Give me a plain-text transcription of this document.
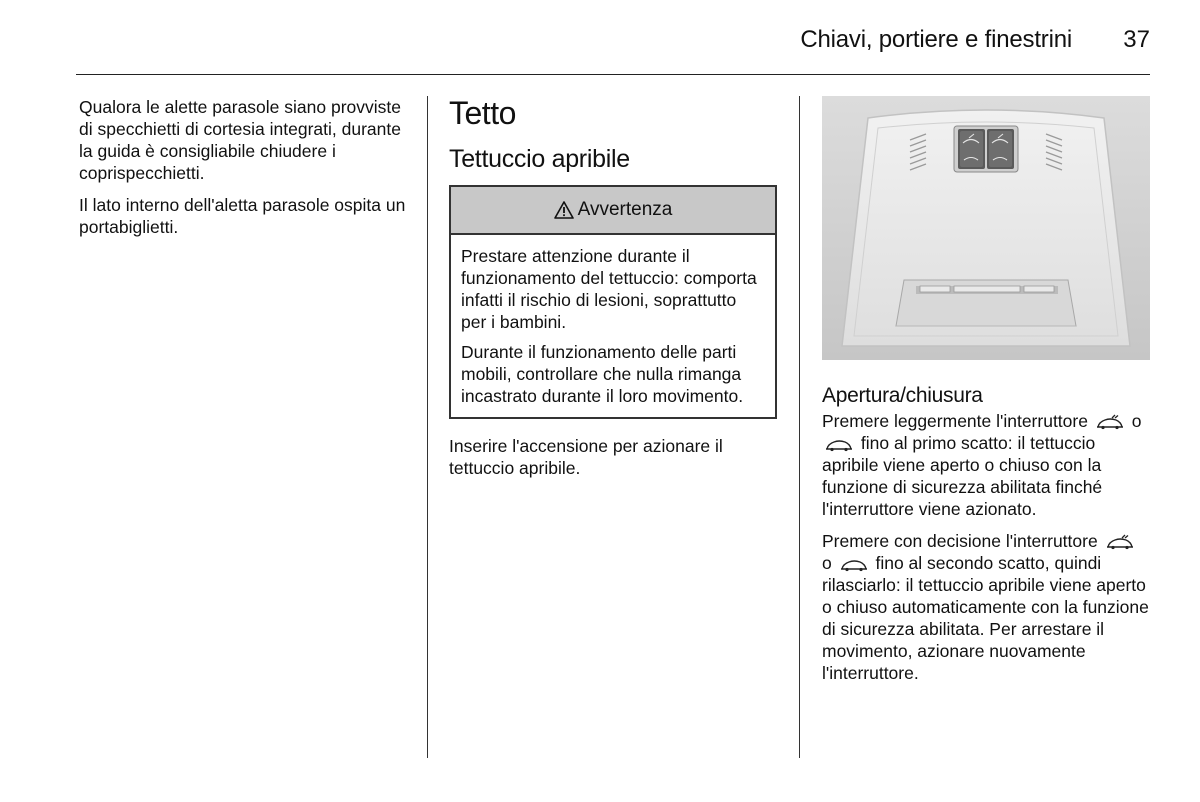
Chiavi, portiere e finestrini 37

Qualora le alette parasole siano provviste di specchietti di cortesia integrati, durante la guida è consigliabile chiudere i coprispecchietti.

Il lato interno dell'aletta parasole ospita un portabiglietti.

Tetto
Tettuccio apribile
Avvertenza

Prestare attenzione durante il funzionamento del tettuccio: comporta infatti il rischio di lesioni, soprattutto per i bambini.

Durante il funzionamento delle parti mobili, controllare che nulla rimanga incastrato durante il loro movimento.

Inserire l'accensione per azionare il tettuccio apribile.

Apertura/chiusura

Premere leggermente l'interruttore	o  fino al primo scatto: il tettuccio apribile viene aperto o chiuso con la funzione di sicurezza abilitata finché l'interruttore viene azionato.

Premere con decisione l'interruttore  o	fino al secondo scatto, quindi rilasciarlo: il tettuccio apribile viene aperto o chiuso automaticamente con la funzione di sicurezza abilitata. Per arrestare il movimento, azionare nuovamente l'interruttore.
